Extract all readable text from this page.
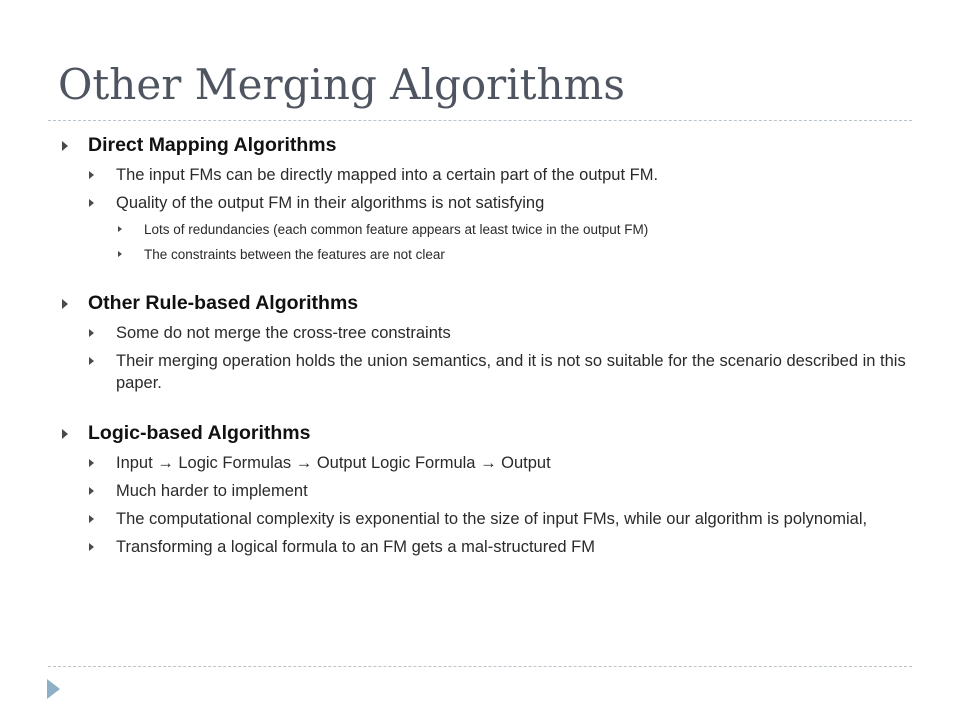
Other Merging Algorithms
Direct Mapping Algorithms
The input FMs can be directly mapped into a certain part of the output FM.
Quality of the output FM in their algorithms is not satisfying
Lots of redundancies (each common feature appears at least twice in the output FM)
The constraints between the features are not clear
Other Rule-based Algorithms
Some do not merge the cross-tree constraints
Their merging operation holds the union semantics, and it is not so suitable for the scenario described in this paper.
Logic-based Algorithms
Input → Logic Formulas → Output Logic Formula → Output
Much harder to implement
The computational complexity is exponential to the size of input FMs, while our algorithm is polynomial,
Transforming a logical formula to an FM gets a mal-structured FM
